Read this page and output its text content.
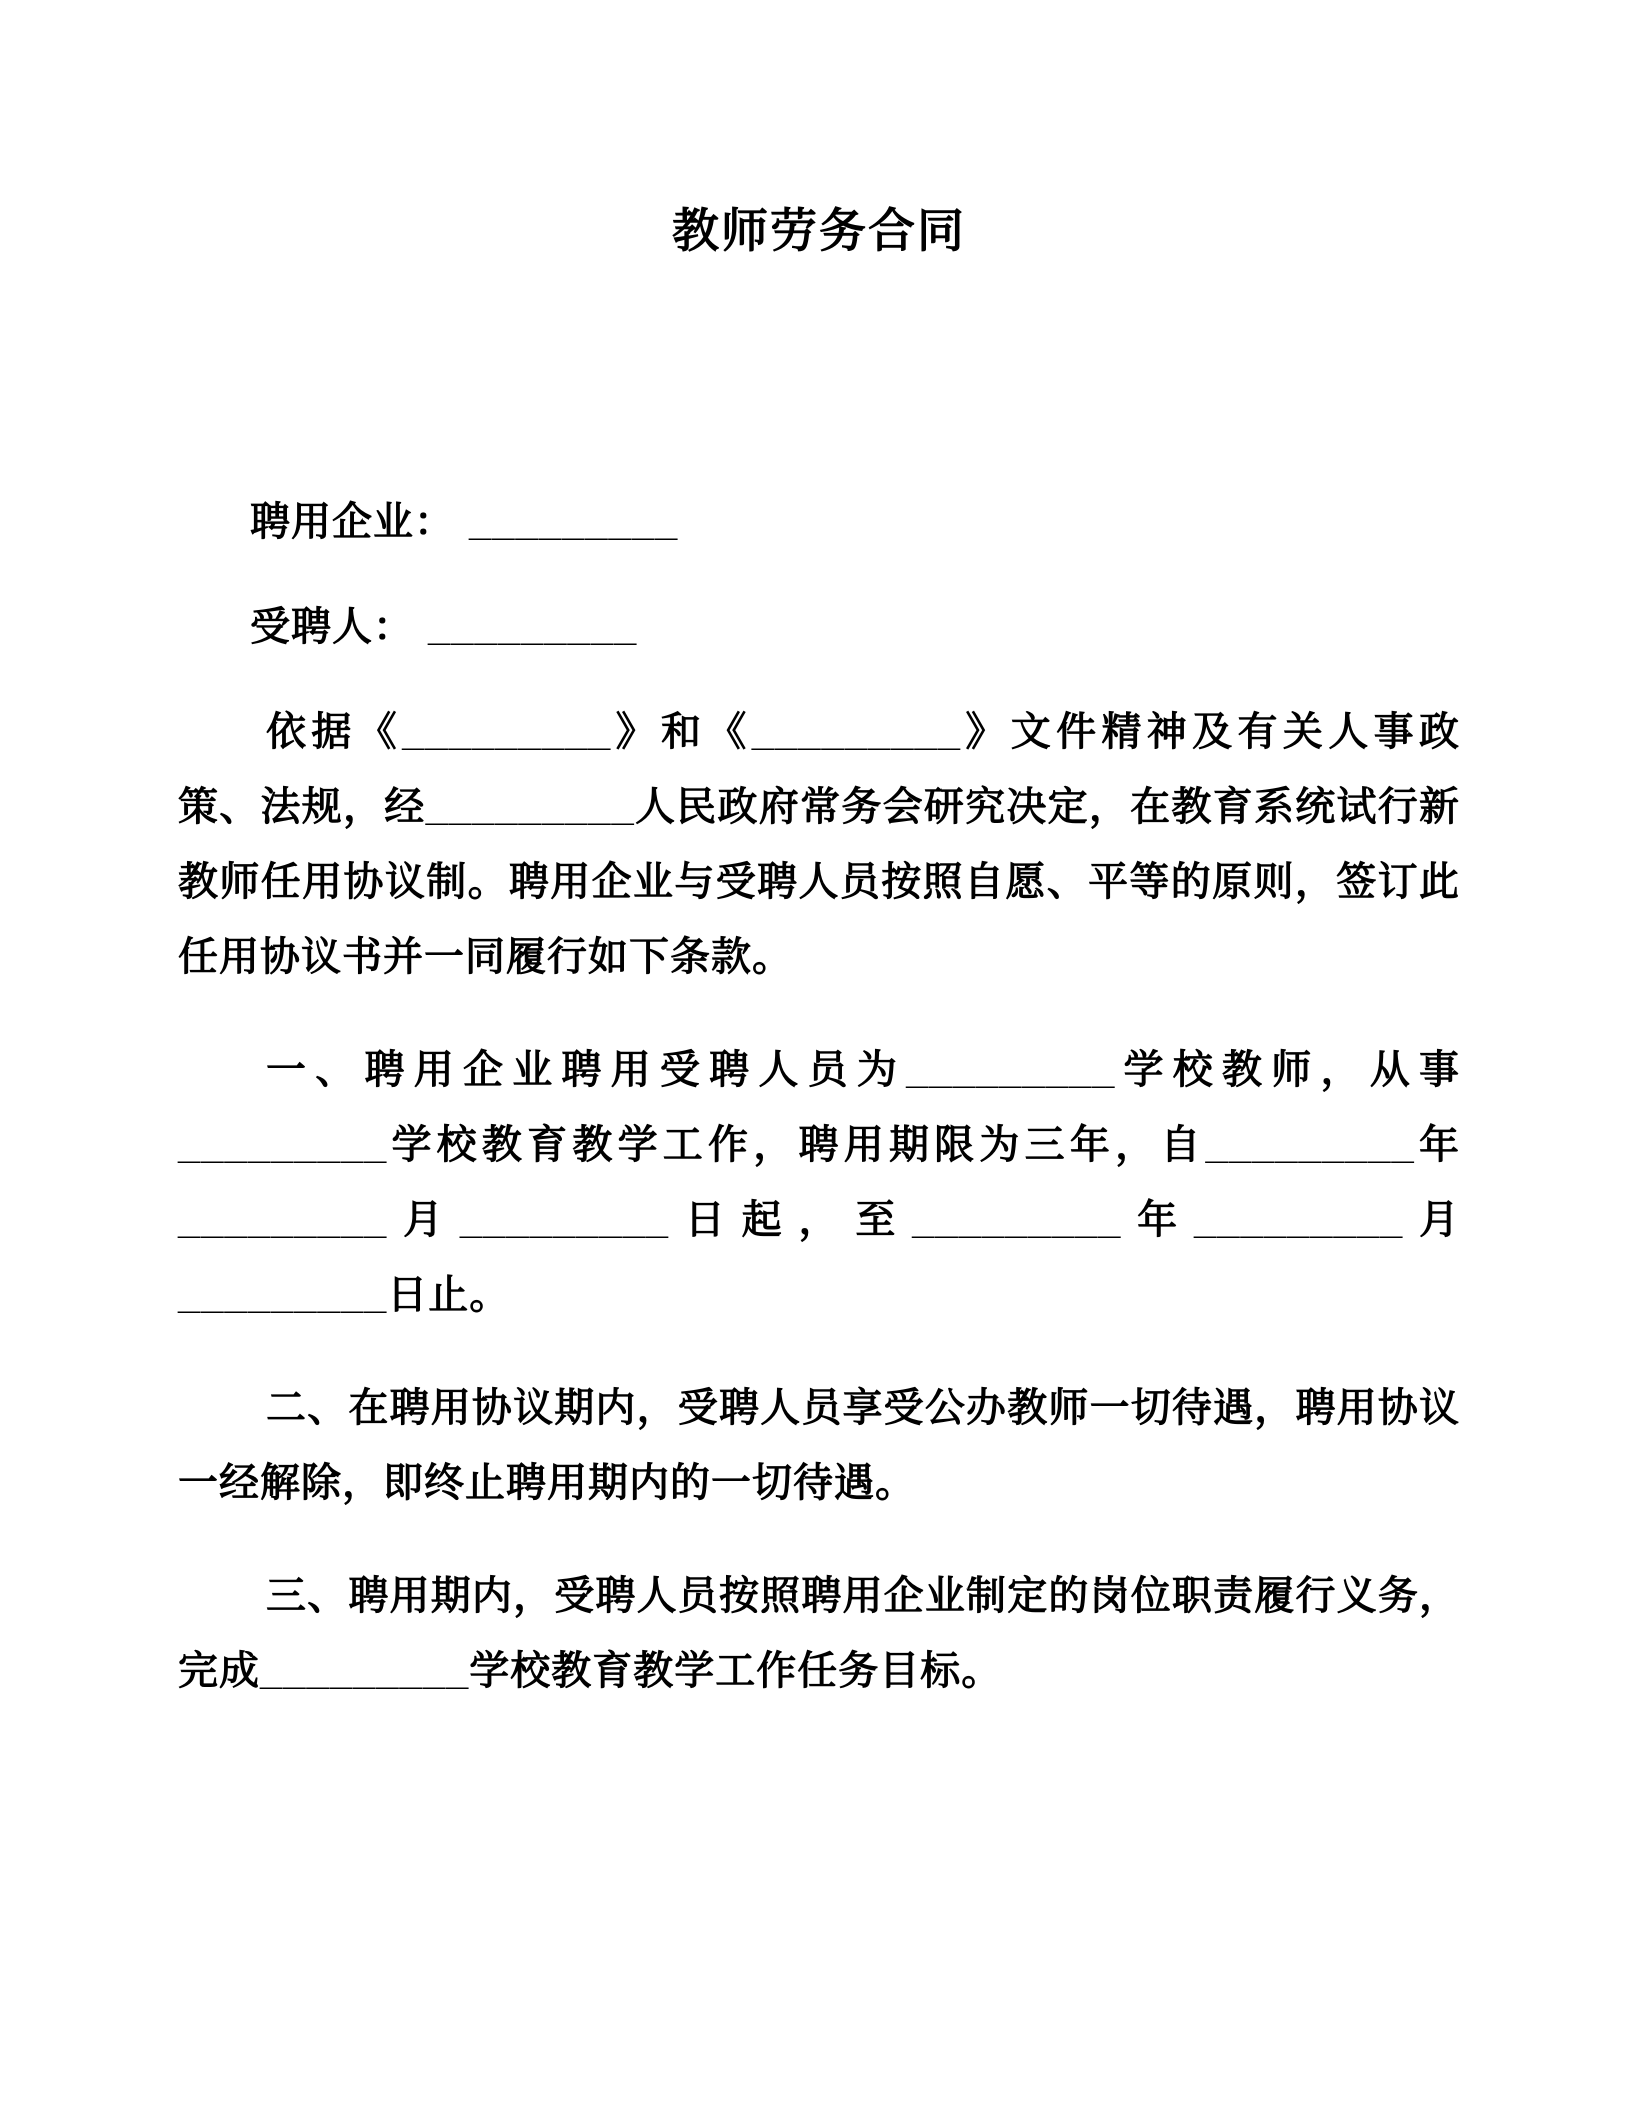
教师劳务合同

聘用企业： _________

受聘人： _________

依据《_________》和《_________》文件精神及有关人事政策、法规，经_________人民政府常务会研究决定，在教育系统试行新教师任用协议制。聘用企业与受聘人员按照自愿、平等的原则，签订此任用协议书并一同履行如下条款。

一、聘用企业聘用受聘人员为_________学校教师，从事_________学校教育教学工作，聘用期限为三年，自_________年_________月_________日起，至_________年_________月_________日止。

二、在聘用协议期内，受聘人员享受公办教师一切待遇，聘用协议一经解除，即终止聘用期内的一切待遇。

三、聘用期内，受聘人员按照聘用企业制定的岗位职责履行义务，完成_________学校教育教学工作任务目标。
